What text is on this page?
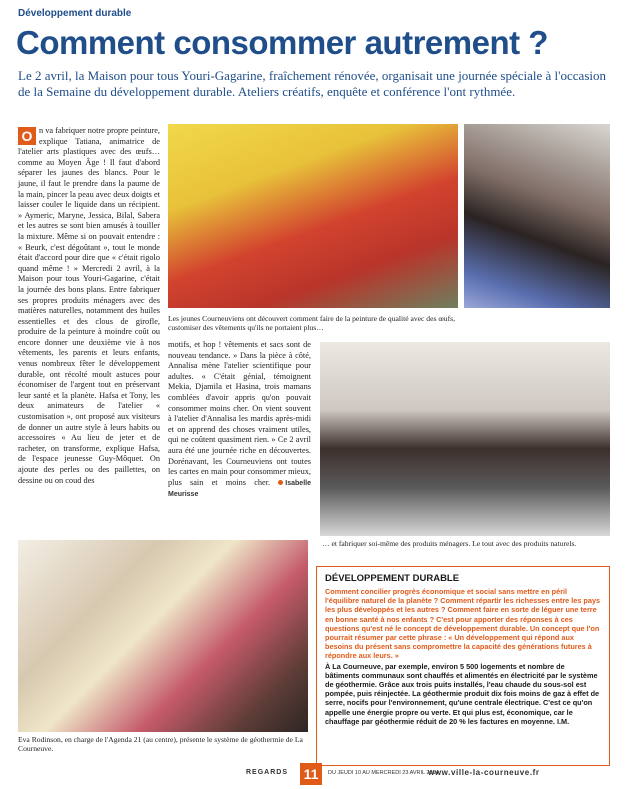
Développement durable
Comment consommer autrement ?
Le 2 avril, la Maison pour tous Youri-Gagarine, fraîchement rénovée, organisait une journée spéciale à l'occasion de la Semaine du développement durable. Ateliers créatifs, enquête et conférence l'ont rythmée.
O n va fabriquer notre propre peinture, explique Tatiana, animatrice de l'atelier arts plastiques avec des œufs… comme au Moyen Âge ! Il faut d'abord séparer les jaunes des blancs. Pour le jaune, il faut le prendre dans la paume de la main, pincer la peau avec deux doigts et laisser couler le liquide dans un récipient. » Aymeric, Maryne, Jessica, Bilal, Sabera et les autres se sont bien amusés à touiller la mixture. Même si on pouvait entendre : « Beurk, c'est dégoûtant », tout le monde était d'accord pour dire que « c'était rigolo quand même ! » Mercredi 2 avril, à la Maison pour tous Youri-Gagarine, c'était la journée des bons plans. Entre fabriquer ses propres produits ménagers avec des matières naturelles, notamment des huiles essentielles et des clous de girofle, produire de la peinture à moindre coût ou encore donner une deuxième vie à nos vêtements, les parents et leurs enfants, venus nombreux fêter le développement durable, ont récolté moult astuces pour économiser de l'argent tout en préservant leur santé et la planète. Hafsa et Tony, les deux animateurs de l'atelier « customisation », ont proposé aux visiteurs de donner un autre style à leurs habits ou accessoires « Au lieu de jeter et de racheter, on transforme, explique Hafsa, de l'espace jeunesse Guy-Môquet. On ajoute des perles ou des paillettes, on dessine ou on coud des
Les jeunes Courneuviens ont découvert comment faire de la peinture de qualité avec des œufs, customiser des vêtements qu'ils ne portaient plus…
motifs, et hop ! vêtements et sacs sont de nouveau tendance. » Dans la pièce à côté, Annalisa mène l'atelier scientifique pour adultes. « C'était génial, témoignent Mekia, Djamila et Hasina, trois mamans comblées d'avoir appris qu'on pouvait consommer moins cher. On vient souvent à l'atelier d'Annalisa les mardis après-midi et on apprend des choses vraiment utiles, qui ne coûtent quasiment rien. » Ce 2 avril aura été une journée riche en découvertes. Dorénavant, les Courneuviens ont toutes les cartes en main pour consommer mieux, plus sain et moins cher. Isabelle Meurisse
… et fabriquer soi-même des produits ménagers. Le tout avec des produits naturels.
Eva Rodinson, en charge de l'Agenda 21 (au centre), présente le système de géothermie de La Courneuve.
DÉVELOPPEMENT DURABLE
Comment concilier progrès économique et social sans mettre en péril l'équilibre naturel de la planète ? Comment répartir les richesses entre les pays les plus développés et les autres ? Comment faire en sorte de léguer une terre en bonne santé à nos enfants ? C'est pour apporter des réponses à ces questions qu'est né le concept de développement durable. Un concept que l'on pourrait résumer par cette phrase : « Un développement qui répond aux besoins du présent sans compromettre la capacité des générations futures à répondre aux leurs. »
À La Courneuve, par exemple, environ 5 500 logements et nombre de bâtiments communaux sont chauffés et alimentés en électricité par le système de géothermie. Grâce aux trois puits installés, l'eau chaude du sous-sol est pompée, puis réinjectée. La géothermie produit dix fois moins de gaz à effet de serre, nocifs pour l'environnement, qu'une centrale électrique. C'est ce qu'on appelle une énergie propre ou verte. Et qui plus est, économique, car le chauffage par géothermie réduit de 20 % les factures en moyenne. I.M.
REGARDS 11	DU JEUDI 10 AU MERCREDI 23 AVRIL 2014
www.ville-la-courneuve.fr
